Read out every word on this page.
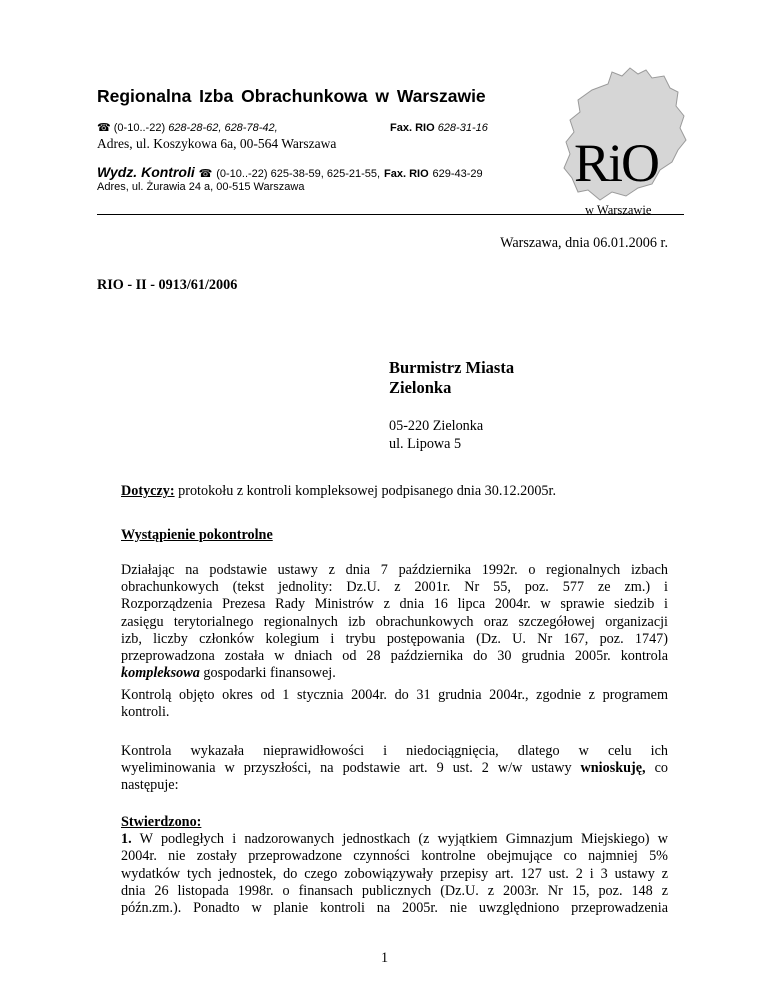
Regionalna Izba Obrachunkowa w Warszawie
☎ (0-10..-22) 628-28-62, 628-78-42,	Fax. RIO 628-31-16
Adres, ul. Koszykowa 6a, 00-564 Warszawa
Wydz. Kontroli ☎ (0-10..-22) 625-38-59, 625-21-55, Fax. RIO 629-43-29
Adres, ul. Żurawia 24 a, 00-515 Warszawa	RiO
w Warszawie
Warszawa, dnia 06.01.2006 r.
RIO - II - 0913/61/2006
Burmistrz Miasta
Zielonka
05-220 Zielonka
ul. Lipowa 5
Dotyczy: protokołu z kontroli kompleksowej podpisanego dnia 30.12.2005r.
Wystąpienie pokontrolne
Działając na podstawie ustawy z dnia 7 października 1992r. o regionalnych izbach
obrachunkowych (tekst jednolity: Dz.U. z 2001r. Nr 55, poz. 577 ze zm.) i
Rozporządzenia Prezesa Rady Ministrów z dnia 16 lipca 2004r. w sprawie siedzib i
zasięgu terytorialnego regionalnych izb obrachunkowych oraz szczegółowej organizacji
izb, liczby członków kolegium i trybu postępowania (Dz. U. Nr 167, poz. 1747)
przeprowadzona została w dniach od 28 października do 30 grudnia 2005r. kontrola
kompleksowa gospodarki finansowej.
Kontrolą objęto okres od 1 stycznia 2004r. do 31 grudnia 2004r., zgodnie z programem
kontroli.
Kontrola wykazała nieprawidłowości i niedociągnięcia, dlatego w celu ich
wyeliminowania w przyszłości, na podstawie art. 9 ust. 2 w/w ustawy wnioskuję, co
następuje:
Stwierdzono:
1. W podległych i nadzorowanych jednostkach (z wyjątkiem Gimnazjum Miejskiego) w
2004r. nie zostały przeprowadzone czynności kontrolne obejmujące co najmniej 5%
wydatków tych jednostek, do czego zobowiązywały przepisy art. 127 ust. 2 i 3 ustawy z
dnia 26 listopada 1998r. o finansach publicznych (Dz.U. z 2003r. Nr 15, poz. 148 z
późn.zm.). Ponadto w planie kontroli na 2005r. nie uwzględniono przeprowadzenia
1
